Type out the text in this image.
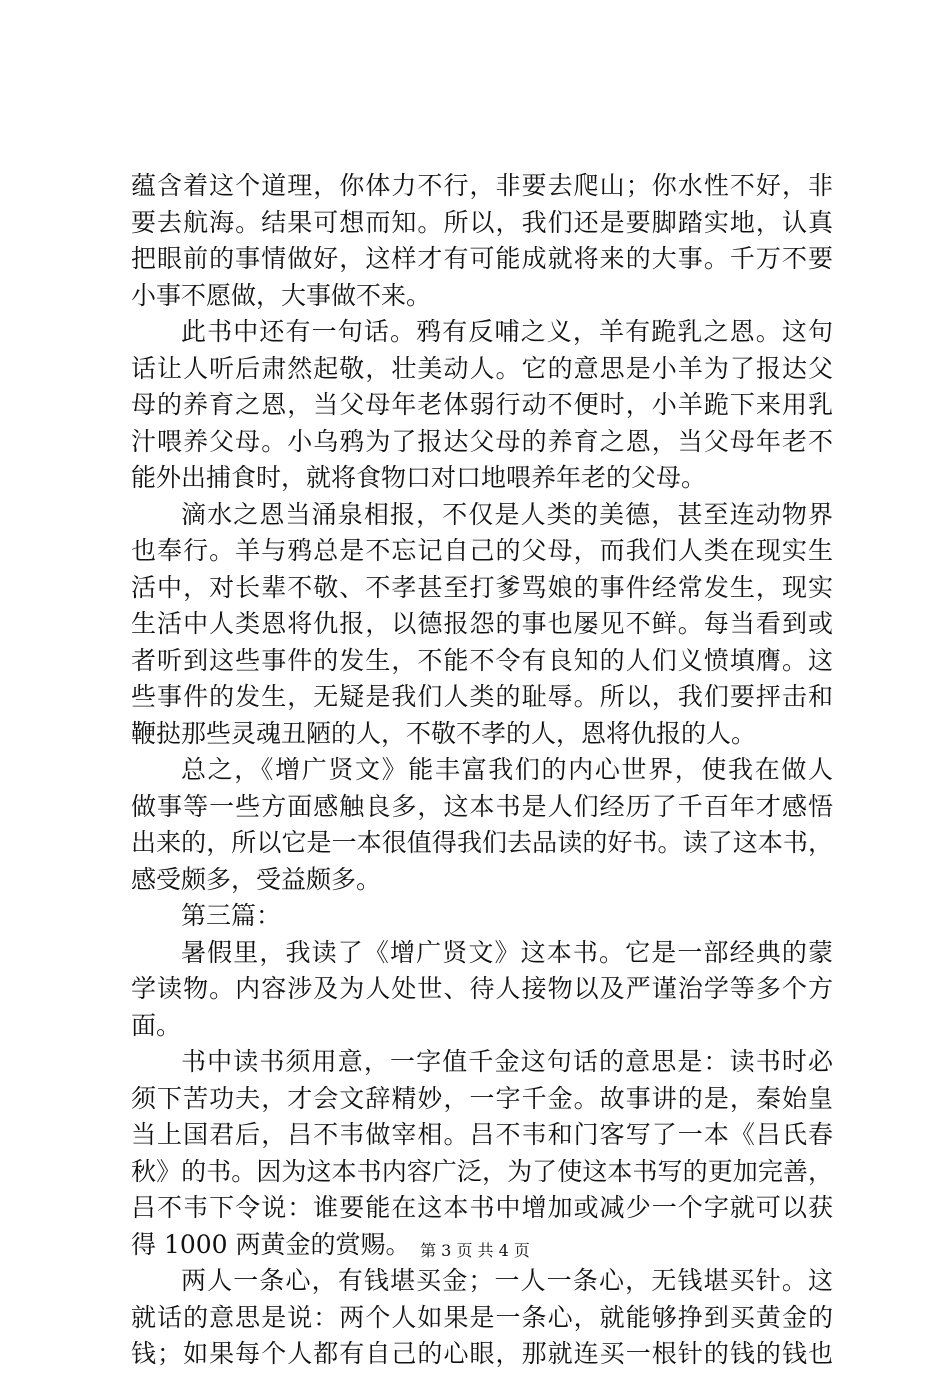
蕴含着这个道理，你体力不行，非要去爬山；你水性不好，非
要去航海。结果可想而知。所以，我们还是要脚踏实地，认真
把眼前的事情做好，这样才有可能成就将来的大事。千万不要
小事不愿做，大事做不来。
此书中还有一句话。鸦有反哺之义，羊有跪乳之恩。这句
话让人听后肃然起敬，壮美动人。它的意思是小羊为了报达父
母的养育之恩，当父母年老体弱行动不便时，小羊跪下来用乳
汁喂养父母。小乌鸦为了报达父母的养育之恩，当父母年老不
能外出捕食时，就将食物口对口地喂养年老的父母。
滴水之恩当涌泉相报，不仅是人类的美德，甚至连动物界
也奉行。羊与鸦总是不忘记自己的父母，而我们人类在现实生
活中，对长辈不敬、不孝甚至打爹骂娘的事件经常发生，现实
生活中人类恩将仇报，以德报怨的事也屡见不鲜。每当看到或
者听到这些事件的发生，不能不令有良知的人们义愤填膺。这
些事件的发生，无疑是我们人类的耻辱。所以，我们要抨击和
鞭挞那些灵魂丑陋的人，不敬不孝的人，恩将仇报的人。
总之，《增广贤文》能丰富我们的内心世界，使我在做人
做事等一些方面感触良多，这本书是人们经历了千百年才感悟
出来的，所以它是一本很值得我们去品读的好书。读了这本书，
感受颇多，受益颇多。
第三篇：
暑假里，我读了《增广贤文》这本书。它是一部经典的蒙
学读物。内容涉及为人处世、待人接物以及严谨治学等多个方
面。
书中读书须用意，一字值千金这句话的意思是：读书时必
须下苦功夫，才会文辞精妙，一字千金。故事讲的是，秦始皇
当上国君后，吕不韦做宰相。吕不韦和门客写了一本《吕氏春
秋》的书。因为这本书内容广泛，为了使这本书写的更加完善，
吕不韦下令说：谁要能在这本书中增加或减少一个字就可以获
得 1000 两黄金的赏赐。
两人一条心，有钱堪买金；一人一条心，无钱堪买针。这
就话的意思是说：两个人如果是一条心，就能够挣到买黄金的
钱；如果每个人都有自己的心眼，那就连买一根针的钱的钱也
第 3 页 共 4 页
